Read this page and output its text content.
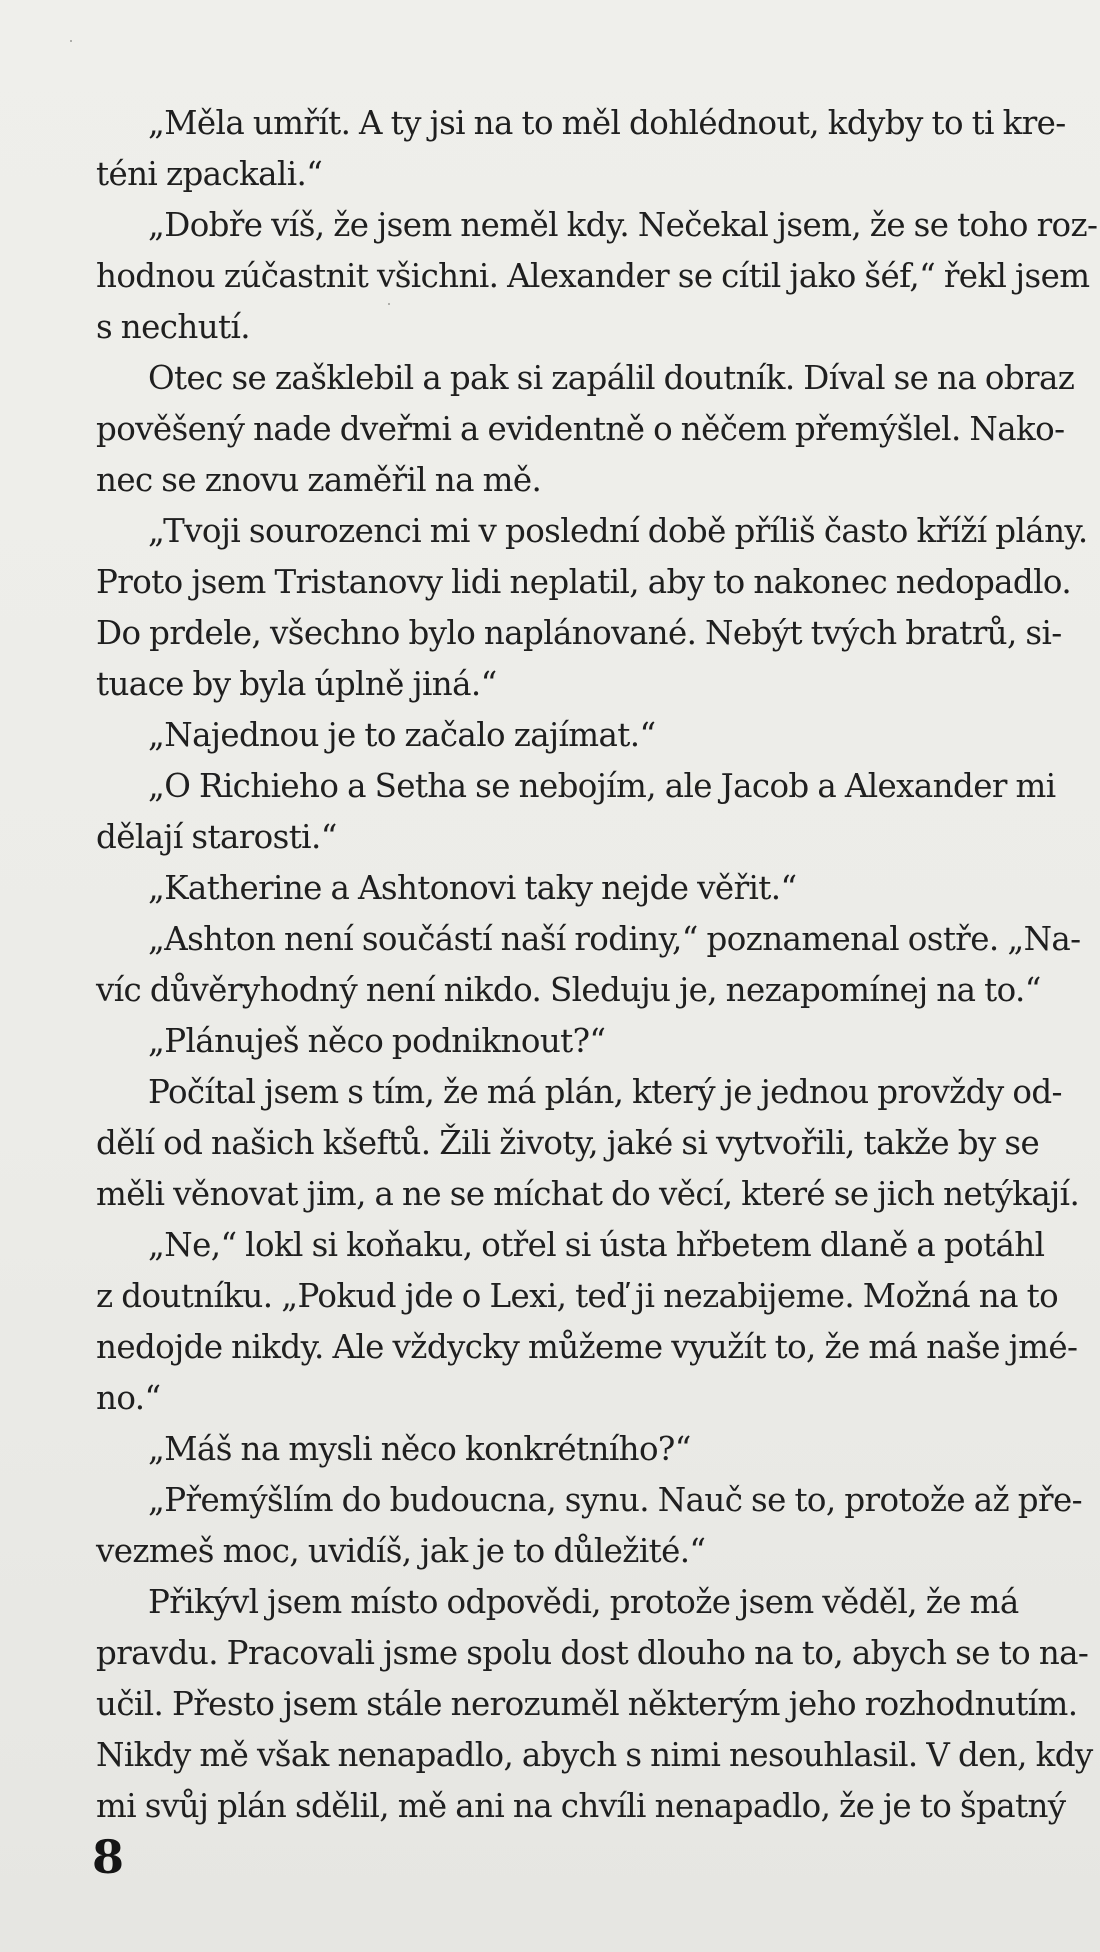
„Měla umřít. A ty jsi na to měl dohlédnout, kdyby to ti kre-
téni zpackali.“
„Dobře víš, že jsem neměl kdy. Nečekal jsem, že se toho roz-
hodnou zúčastnit všichni. Alexander se cítil jako šéf,“ řekl jsem
s nechutí.
Otec se zašklebil a pak si zapálil doutník. Díval se na obraz
pověšený nade dveřmi a evidentně o něčem přemýšlel. Nako-
nec se znovu zaměřil na mě.
„Tvoji sourozenci mi v poslední době příliš často kříží plány.
Proto jsem Tristanovy lidi neplatil, aby to nakonec nedopadlo.
Do prdele, všechno bylo naplánované. Nebýt tvých bratrů, si-
tuace by byla úplně jiná.“
„Najednou je to začalo zajímat.“
„O Richieho a Setha se nebojím, ale Jacob a Alexander mi
dělají starosti.“
„Katherine a Ashtonovi taky nejde věřit.“
„Ashton není součástí naší rodiny,“ poznamenal ostře. „Na-
víc důvěryhodný není nikdo. Sleduju je, nezapomínej na to.“
„Plánuješ něco podniknout?“
Počítal jsem s tím, že má plán, který je jednou provždy od-
dělí od našich kšeftů. Žili životy, jaké si vytvořili, takže by se
měli věnovat jim, a ne se míchat do věcí, které se jich netýkají.
„Ne,“ lokl si koňaku, otřel si ústa hřbetem dlaně a potáhl
z doutníku. „Pokud jde o Lexi, teď ji nezabijeme. Možná na to
nedojde nikdy. Ale vždycky můžeme využít to, že má naše jmé-
no.“
„Máš na mysli něco konkrétního?“
„Přemýšlím do budoucna, synu. Nauč se to, protože až pře-
vezmeš moc, uvidíš, jak je to důležité.“
Přikývl jsem místo odpovědi, protože jsem věděl, že má
pravdu. Pracovali jsme spolu dost dlouho na to, abych se to na-
učil. Přesto jsem stále nerozuměl některým jeho rozhodnutím.
Nikdy mě však nenapadlo, abych s nimi nesouhlasil. V den, kdy
mi svůj plán sdělil, mě ani na chvíli nenapadlo, že je to špatný
8
